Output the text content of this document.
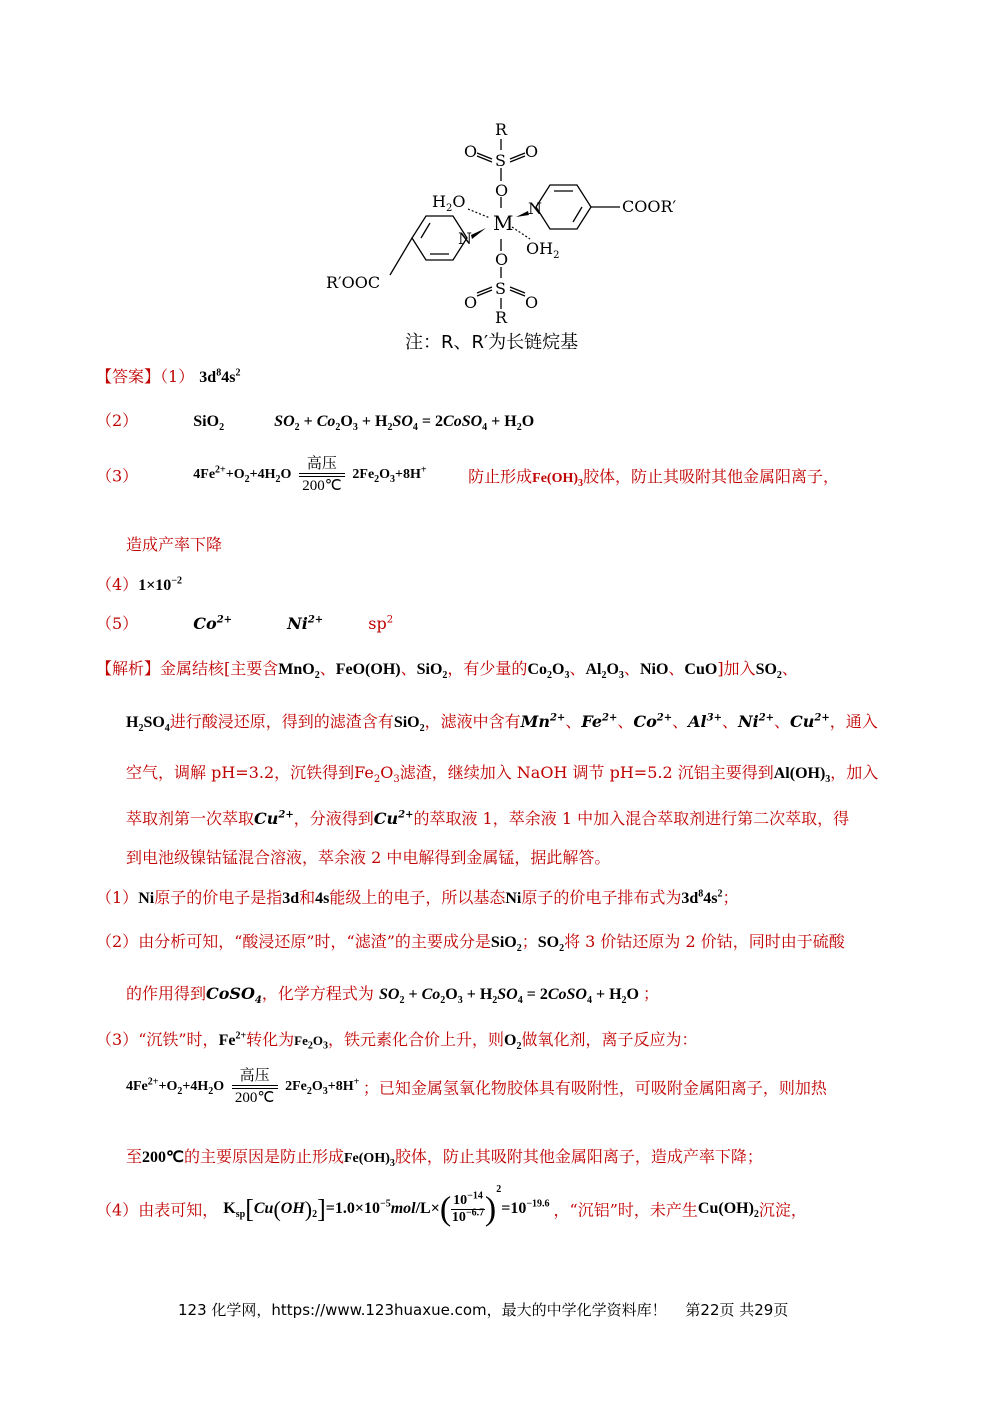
R
O S O
O
COOR′
$H_2O$	N
M
N
$OH_2$
O
R′OOC	S
O	O
R
注：R、R′为长链烷基
【答案】（1） $3d^84s^2$
（2）	SiO$_2$	$SO_2 + Co_2O_3 + H_2SO_4$ = 2CoSO$_4$ + $H_2O$
（3）	$4Fe^{2+}+O_2+4H_2O \frac{\text{高压}}{200℃} 2Fe_2O_3+8H^+$	防止形成$Fe(OH)_3$胶体，防止其吸附其他金属阳离子，
造成产率下降
$(4)1\times 10^{-2}$
（5）	$Co^{2+}$	$Ni^{2+}$	$sp^2$
【解析】金属结核[主要含MnO$_2$、FeO(OH)、SiO$_2$，有少量的$Co_2O_3$、$Al_2O_3$、NiO、CuO]加入$SO_2$、
$H_2SO_4$进行酸浸还原，得到的滤渣含有SiO$_2$，滤液中含有$Mn^{2+}$、$Fe^{2+}$、$Co^{2+}$、$Al^{3+}$、$Ni^{2+}$、$Cu^{2+}$，通入
空气，调解 pH=3.2，沉铁得到$Fe_2O_3$滤渣，继续加入 NaOH 调节 pH=5.2 沉铝主要得到$Al(OH)_3$，加入
萃取剂第一次萃取$Cu^{2+}$，分液得到$Cu^{2+}$的萃取液 1，萃余液 1 中加入混合萃取剂进行第二次萃取，得
到电池级镍钴锰混合溶液，萃余液 2 中电解得到金属锰，据此解答。
（1）Ni原子的价电子是指3d和4s能级上的电子，所以基态Ni原子的价电子排布式为$3d^84s^2$；
（2）由分析可知，“酸浸还原”时，“滤渣”的主要成分是SiO$_2$；$SO_2$将 3 价钴还原为 2 价钴，同时由于硫酸
的作用得到CoSO$_4$，化学方程式为 $SO_2 + Co_2O_3 + H_2SO_4$ = 2CoSO$_4$ + $H_2O$ ；
（3）“沉铁”时，$Fe^{2+}$转化为$Fe_2O_3$，铁元素化合价上升，则$O_2$做氧化剂，离子反应为：
$4Fe^{2+}+O_2+4H_2O \frac{\text{高压}}{200℃} 2Fe_2O_3+8H^+$ ；已知金属氢氧化物胶体具有吸附性，可吸附金属阳离子，则加热
至200℃的主要原因是防止形成$Fe(OH)_3$胶体，防止其吸附其他金属阳离子，造成产率下降；
（4）由表可知， $K_{sp}[Cu(OH)_2]=1.0\times 10^{-5}mol/L\times( \frac{10^{-14}}{10^{-6.7}} )^2=10^{-19.6}$ ，“沉铝”时，未产生$Cu(OH)_2$沉淀，
123 化学网，https://www.123huaxue.com，最大的中学化学资料库！ 第22页 共29页
